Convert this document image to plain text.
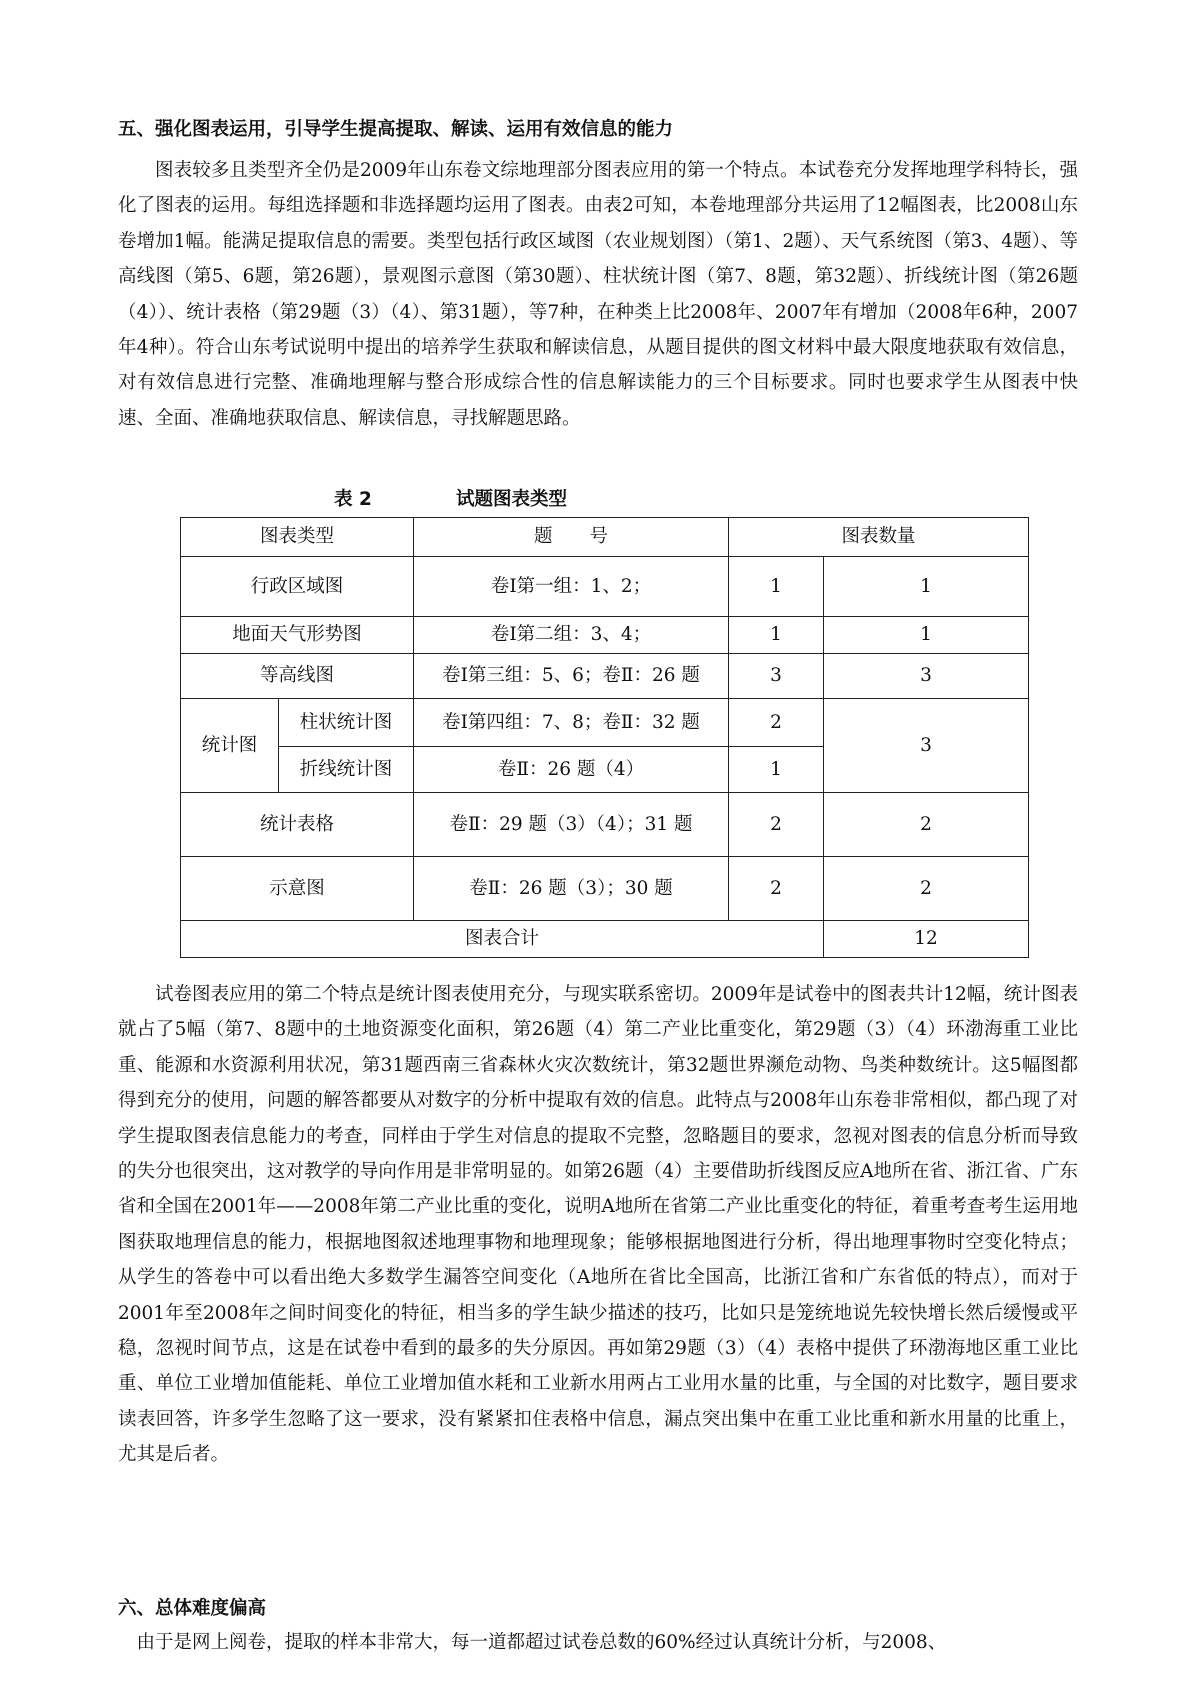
五、强化图表运用，引导学生提高提取、解读、运用有效信息的能力
图表较多且类型齐全仍是2009年山东卷文综地理部分图表应用的第一个特点。本试卷充分发挥地理学科特长，强化了图表的运用。每组选择题和非选择题均运用了图表。由表2可知，本卷地理部分共运用了12幅图表，比2008山东卷增加1幅。能满足提取信息的需要。类型包括行政区域图（农业规划图）（第1、2题）、天气系统图（第3、4题）、等高线图（第5、6题，第26题），景观图示意图（第30题）、柱状统计图（第7、8题，第32题）、折线统计图（第26题（4））、统计表格（第29题（3）（4）、第31题），等7种，在种类上比2008年、2007年有增加（2008年6种，2007年4种）。符合山东考试说明中提出的培养学生获取和解读信息，从题目提供的图文材料中最大限度地获取有效信息，对有效信息进行完整、准确地理解与整合形成综合性的信息解读能力的三个目标要求。同时也要求学生从图表中快速、全面、准确地获取信息、解读信息，寻找解题思路。
表 2	试题图表类型
图表类型		题　　号	图表数量	
行政区域图		卷Ⅰ第一组：1、2；	1	1
地面天气形势图		卷Ⅰ第二组：3、4；	1	1
等高线图		卷Ⅰ第三组：5、6；卷Ⅱ：26 题	3	3
统计图	柱状统计图	卷Ⅰ第四组：7、8；卷Ⅱ：32 题	2	3
	折线统计图	卷Ⅱ：26 题（4）	1	
统计表格		卷Ⅱ：29 题（3）（4）；31 题	2	2
示意图		卷Ⅱ：26 题（3）；30 题	2	2
图表合计				12
试卷图表应用的第二个特点是统计图表使用充分，与现实联系密切。2009年是试卷中的图表共计12幅，统计图表就占了5幅（第7、8题中的土地资源变化面积，第26题（4）第二产业比重变化，第29题（3）（4）环渤海重工业比重、能源和水资源利用状况，第31题西南三省森林火灾次数统计，第32题世界濒危动物、鸟类种数统计。这5幅图都得到充分的使用，问题的解答都要从对数字的分析中提取有效的信息。此特点与2008年山东卷非常相似，都凸现了对学生提取图表信息能力的考查，同样由于学生对信息的提取不完整，忽略题目的要求，忽视对图表的信息分析而导致的失分也很突出，这对教学的导向作用是非常明显的。如第26题（4）主要借助折线图反应A地所在省、浙江省、广东省和全国在2001年——2008年第二产业比重的变化，说明A地所在省第二产业比重变化的特征，着重考查考生运用地图获取地理信息的能力，根据地图叙述地理事物和地理现象；能够根据地图进行分析，得出地理事物时空变化特点；从学生的答卷中可以看出绝大多数学生漏答空间变化（A地所在省比全国高，比浙江省和广东省低的特点），而对于2001年至2008年之间时间变化的特征，相当多的学生缺少描述的技巧，比如只是笼统地说先较快增长然后缓慢或平稳，忽视时间节点，这是在试卷中看到的最多的失分原因。再如第29题（3）（4）表格中提供了环渤海地区重工业比重、单位工业增加值能耗、单位工业增加值水耗和工业新水用两占工业用水量的比重，与全国的对比数字，题目要求读表回答，许多学生忽略了这一要求，没有紧紧扣住表格中信息，漏点突出集中在重工业比重和新水用量的比重上，尤其是后者。
六、总体难度偏高
由于是网上阅卷，提取的样本非常大，每一道都超过试卷总数的60%经过认真统计分析，与2008、
